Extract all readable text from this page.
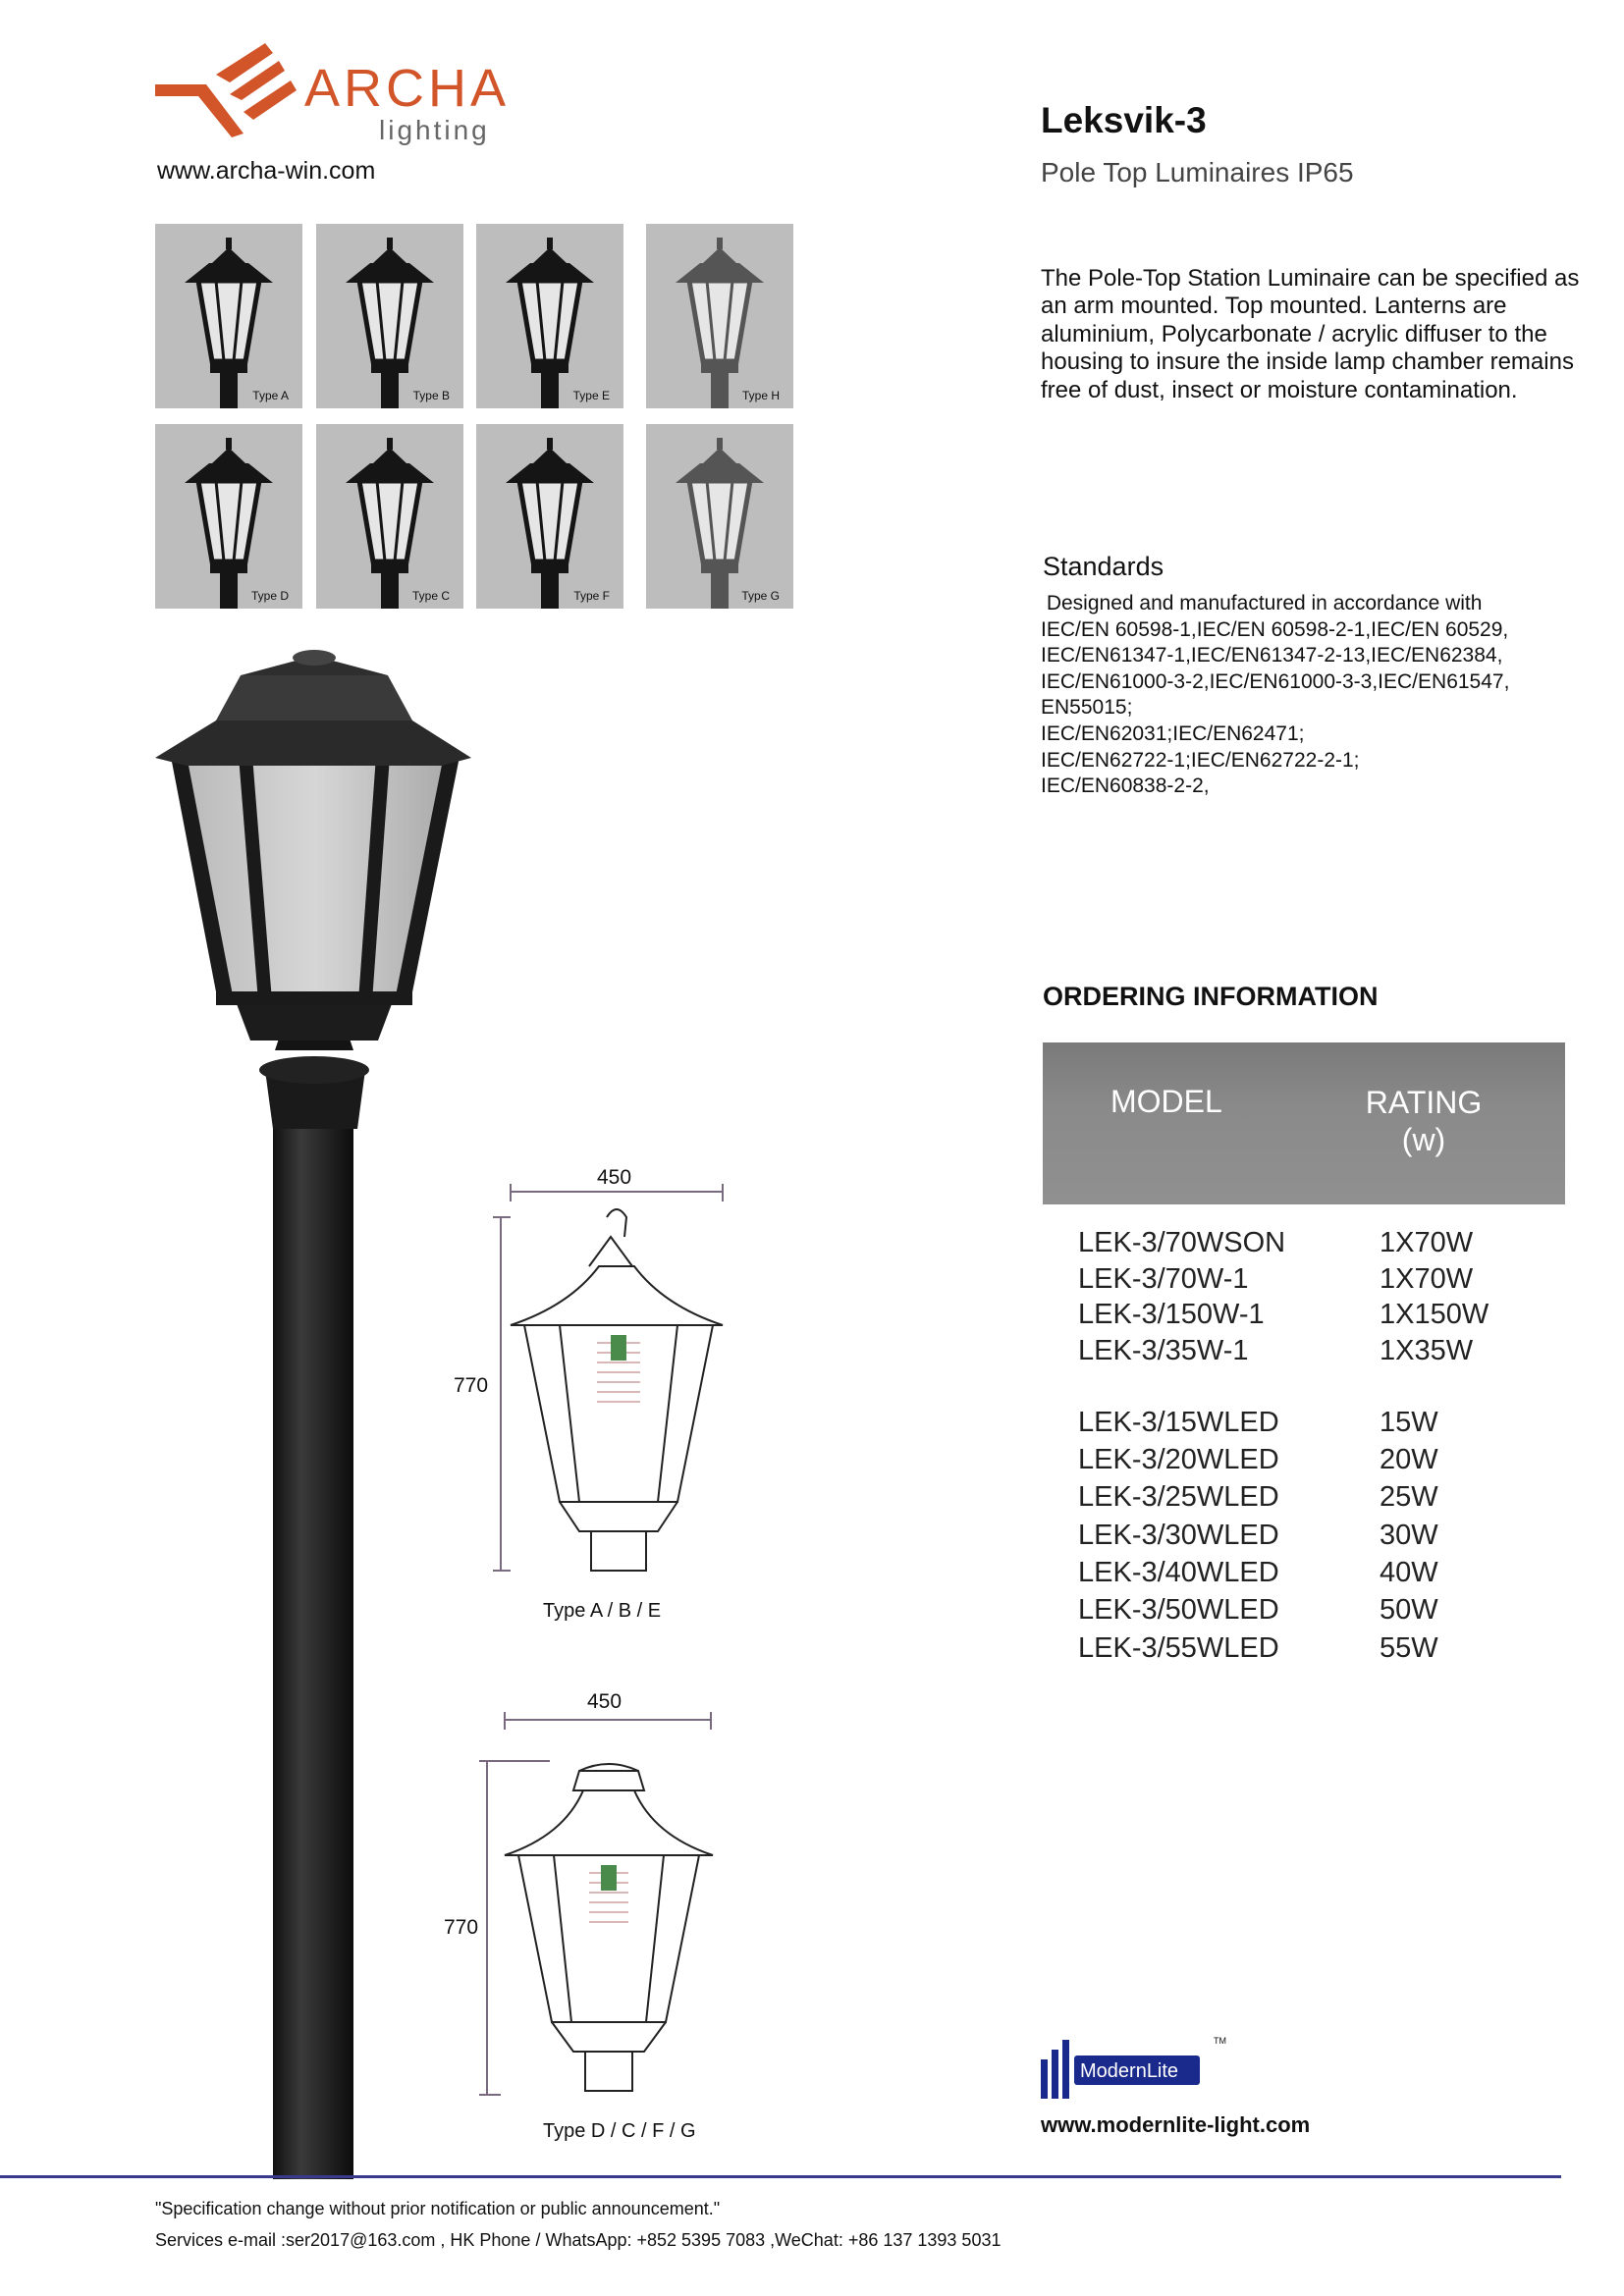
ARCHA
lighting
www.archa-win.com
Leksvik-3
Pole Top Luminaires IP65
Type A	Type B	Type E	Type H
Type D	Type C	Type F	Type G
The Pole-Top Station Luminaire can be specified as an arm mounted. Top mounted. Lanterns are aluminium, Polycarbonate / acrylic diffuser to the housing to insure the inside lamp chamber remains free of dust, insect or moisture contamination.
Standards
Designed and manufactured in accordance with
IEC/EN 60598-1,IEC/EN 60598-2-1,IEC/EN 60529,
IEC/EN61347-1,IEC/EN61347-2-13,IEC/EN62384,
IEC/EN61000-3-2,IEC/EN61000-3-3,IEC/EN61547,
EN55015;
IEC/EN62031;IEC/EN62471;
IEC/EN62722-1;IEC/EN62722-2-1;
IEC/EN60838-2-2,
450
770
Type A / B / E
450
770
Type D / C / F / G
ORDERING INFORMATION
MODEL	RATING
(w)
LEK-3/70WSON	1X70W
LEK-3/70W-1	1X70W
LEK-3/150W-1	1X150W
LEK-3/35W-1	1X35W
LEK-3/15WLED	15W
LEK-3/20WLED	20W
LEK-3/25WLED	25W
LEK-3/30WLED	30W
LEK-3/40WLED	40W
LEK-3/50WLED	50W
LEK-3/55WLED	55W
ModernLite
TM
www.modernlite-light.com
"Specification change without prior notification or public announcement."
Services e-mail :ser2017@163.com , HK Phone / WhatsApp: +852 5395 7083 ,WeChat: +86 137 1393 5031
